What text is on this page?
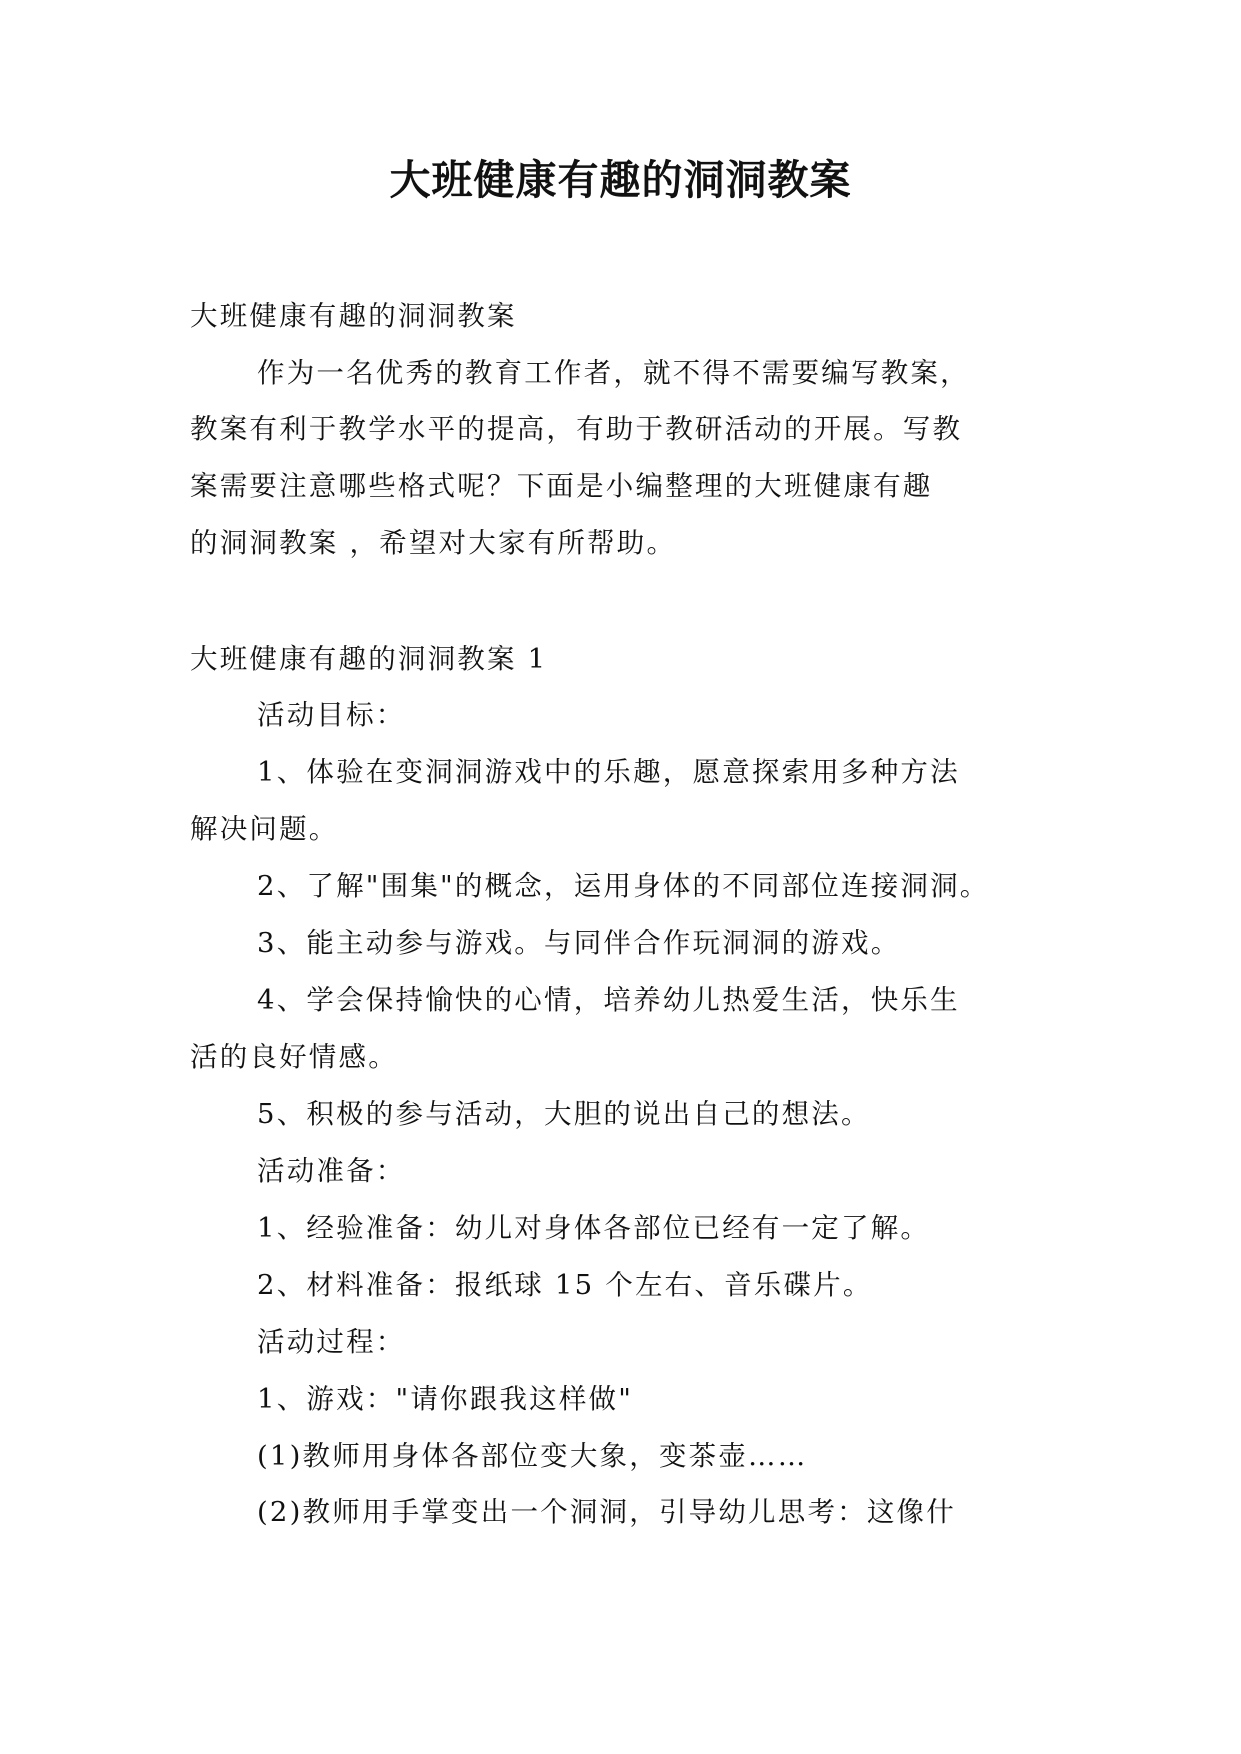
大班健康有趣的洞洞教案
大班健康有趣的洞洞教案
作为一名优秀的教育工作者，就不得不需要编写教案，
教案有利于教学水平的提高，有助于教研活动的开展。写教
案需要注意哪些格式呢？下面是小编整理的大班健康有趣
的洞洞教案 ，希望对大家有所帮助。
大班健康有趣的洞洞教案 1
活动目标：
1、体验在变洞洞游戏中的乐趣，愿意探索用多种方法
解决问题。
2、了解"围集"的概念，运用身体的不同部位连接洞洞。
3、能主动参与游戏。与同伴合作玩洞洞的游戏。
4、学会保持愉快的心情，培养幼儿热爱生活，快乐生
活的良好情感。
5、积极的参与活动，大胆的说出自己的想法。
活动准备：
1、经验准备：幼儿对身体各部位已经有一定了解。
2、材料准备：报纸球 15 个左右、音乐碟片。
活动过程：
1、游戏："请你跟我这样做"
(1)教师用身体各部位变大象，变茶壶……
(2)教师用手掌变出一个洞洞，引导幼儿思考：这像什
